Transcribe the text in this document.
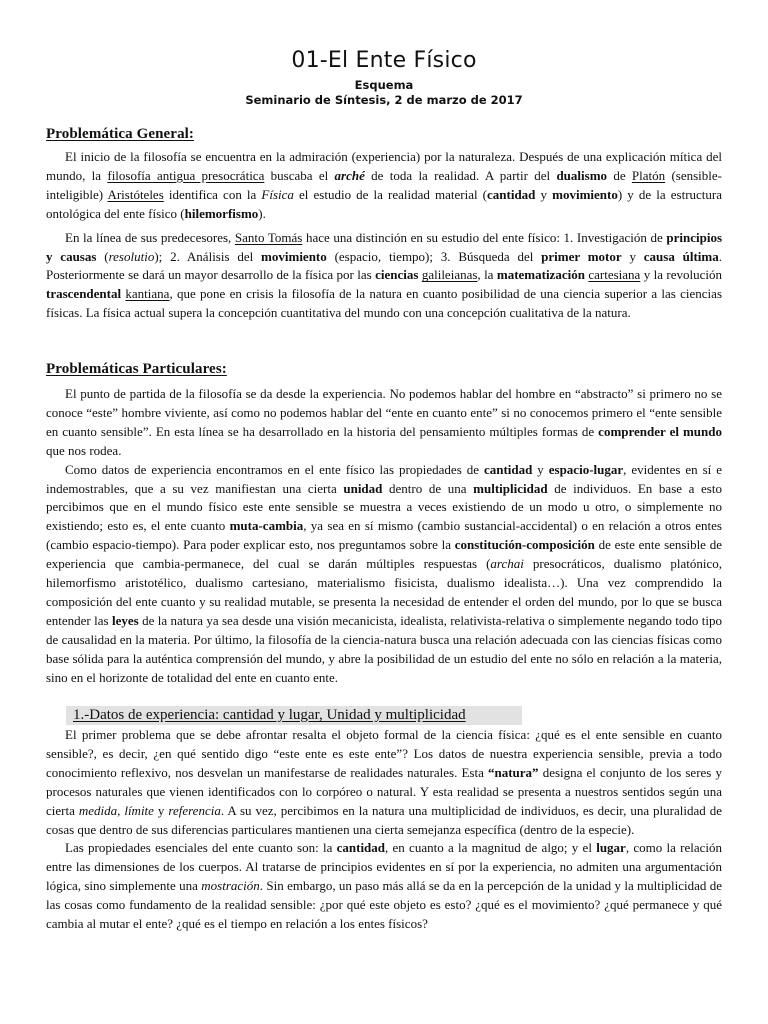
01-El Ente Físico
Esquema
Seminario de Síntesis, 2 de marzo de 2017
Problemática General:

El inicio de la filosofía se encuentra en la admiración (experiencia) por la naturaleza. Después de una explicación mítica del mundo, la filosofía antigua presocrática buscaba el arché de toda la realidad. A partir del dualismo de Platón (sensible-inteligible) Aristóteles identifica con la Física el estudio de la realidad material (cantidad y movimiento) y de la estructura ontológica del ente físico (hilemorfismo).

En la línea de sus predecesores, Santo Tomás hace una distinción en su estudio del ente físico: 1. Investigación de principios y causas (resolutio); 2. Análisis del movimiento (espacio, tiempo); 3. Búsqueda del primer motor y causa última. Posteriormente se dará un mayor desarrollo de la física por las ciencias galileianas, la matematización cartesiana y la revolución trascendental kantiana, que pone en crisis la filosofía de la natura en cuanto posibilidad de una ciencia superior a las ciencias físicas. La física actual supera la concepción cuantitativa del mundo con una concepción cualitativa de la natura.

Problemáticas Particulares:

El punto de partida de la filosofía se da desde la experiencia. No podemos hablar del hombre en “abstracto” si primero no se conoce “este” hombre viviente, así como no podemos hablar del “ente en cuanto ente” si no conocemos primero el “ente sensible en cuanto sensible”. En esta línea se ha desarrollado en la historia del pensamiento múltiples formas de comprender el mundo que nos rodea.

Como datos de experiencia encontramos en el ente físico las propiedades de cantidad y espacio-lugar, evidentes en sí e indemostrables, que a su vez manifiestan una cierta unidad dentro de una multiplicidad de individuos. En base a esto percibimos que en el mundo físico este ente sensible se muestra a veces existiendo de un modo u otro, o simplemente no existiendo; esto es, el ente cuanto muta-cambia, ya sea en sí mismo (cambio sustancial-accidental) o en relación a otros entes (cambio espacio-tiempo). Para poder explicar esto, nos preguntamos sobre la constitución-composición de este ente sensible de experiencia que cambia-permanece, del cual se darán múltiples respuestas (archai presocráticos, dualismo platónico, hilemorfismo aristotélico, dualismo cartesiano, materialismo fisicista, dualismo idealista…). Una vez comprendido la composición del ente cuanto y su realidad mutable, se presenta la necesidad de entender el orden del mundo, por lo que se busca entender las leyes de la natura ya sea desde una visión mecanicista, idealista, relativista-relativa o simplemente negando todo tipo de causalidad en la materia. Por último, la filosofía de la ciencia-natura busca una relación adecuada con las ciencias físicas como base sólida para la auténtica comprensión del mundo, y abre la posibilidad de un estudio del ente no sólo en relación a la materia, sino en el horizonte de totalidad del ente en cuanto ente.

1.-Datos de experiencia: cantidad y lugar, Unidad y multiplicidad

El primer problema que se debe afrontar resalta el objeto formal de la ciencia física: ¿qué es el ente sensible en cuanto sensible?, es decir, ¿en qué sentido digo “este ente es este ente”? Los datos de nuestra experiencia sensible, previa a todo conocimiento reflexivo, nos desvelan un manifestarse de realidades naturales. Esta “natura” designa el conjunto de los seres y procesos naturales que vienen identificados con lo corpóreo o natural. Y esta realidad se presenta a nuestros sentidos según una cierta medida, límite y referencia. A su vez, percibimos en la natura una multiplicidad de individuos, es decir, una pluralidad de cosas que dentro de sus diferencias particulares mantienen una cierta semejanza específica (dentro de la especie).

Las propiedades esenciales del ente cuanto son: la cantidad, en cuanto a la magnitud de algo; y el lugar, como la relación entre las dimensiones de los cuerpos. Al tratarse de principios evidentes en sí por la experiencia, no admiten una argumentación lógica, sino simplemente una mostración. Sin embargo, un paso más allá se da en la percepción de la unidad y la multiplicidad de las cosas como fundamento de la realidad sensible: ¿por qué este objeto es esto? ¿qué es el movimiento? ¿qué permanece y qué cambia al mutar el ente? ¿qué es el tiempo en relación a los entes físicos?
